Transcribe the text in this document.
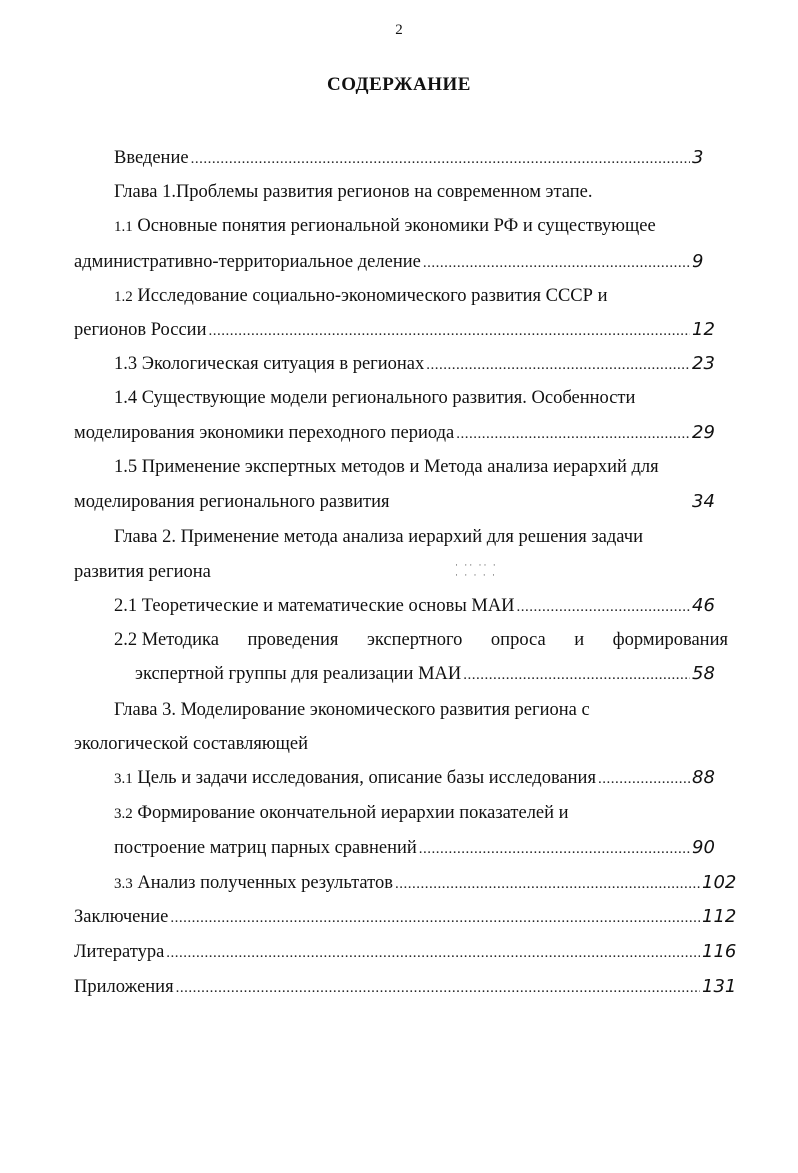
2
СОДЕРЖАНИЕ
Введение .....	3
Глава 1.Проблемы развития регионов на современном этапе.
1.1 Основные понятия региональной экономики РФ и существующее
административно-территориальное деление .....	9
1.2 Исследование социально-экономического развития СССР и
регионов России .....	12
1.3 Экологическая ситуация в регионах .....	23
1.4 Существующие модели регионального развития. Особенности
моделирования экономики переходного периода .....	29
1.5 Применение экспертных методов и Метода анализа иерархий для
моделирования регионального развития	34
Глава 2. Применение метода анализа иерархий для решения задачи
развития региона	· ·· ·· ·
· · · · ·
2.1 Теоретические и математические основы МАИ .....	46
2.2 Методика проведения экспертного опроса и формирования
экспертной группы для реализации МАИ .....	58
Глава 3. Моделирование экономического развития региона с
экологической составляющей
3.1 Цель и задачи исследования, описание базы исследования .....	88
3.2 Формирование окончательной иерархии показателей и
построение матриц парных сравнений .....	90
3.3 Анализ полученных результатов .....	102
Заключение .....	112
Литература .....	116
Приложения .....	131
